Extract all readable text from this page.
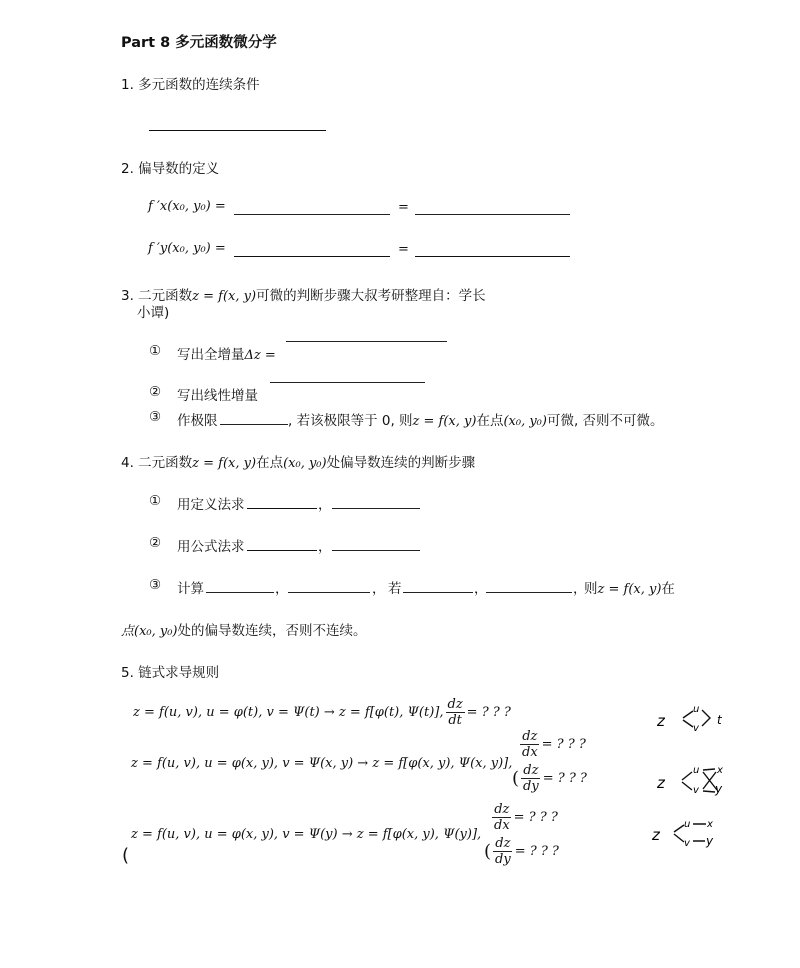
Part 8 多元函数微分学
1. 多元函数的连续条件
2. 偏导数的定义
f ′x(x₀, y₀) =	=
f ′y(x₀, y₀) =	=
3. 二元函数z = f(x, y)可微的判断步骤大叔考研整理自：学长
小谭)
① 写出全增量Δz =
② 写出线性增量
③ 作极限	, 若该极限等于 0, 则z = f(x, y)在点(x₀, y₀)可微, 否则不可微。
4. 二元函数z = f(x, y)在点(x₀, y₀)处偏导数连续的判断步骤
① 用定义法求	，
② 用公式法求	，
③ 计算	，	， 若	，	，
则z = f(x, y)在
点(x₀, y₀)处的偏导数连续，否则不连续。
5. 链式求导规则
z = f(u, v), u = φ(t), v = Ψ(t) → z = f[φ(t), Ψ(t)], $\frac{dz}{dt}$ = ? ? ?
z = f(u, v), u = φ(x, y), v = Ψ(x, y) → z = f[φ(x, y), Ψ(x, y)],
$\frac{dz}{dx}$ = ? ? ?
( $\frac{dz}{dy}$ = ? ? ?
z = f(u, v), u = φ(x, y), v = Ψ(y) → z = f[φ(x, y), Ψ(y)],
$\frac{dz}{dx}$ = ? ? ?
( $\frac{dz}{dy}$ = ? ? ?
(
z
u
v
t
z
u
v
x
y
z
u
v
x
y
